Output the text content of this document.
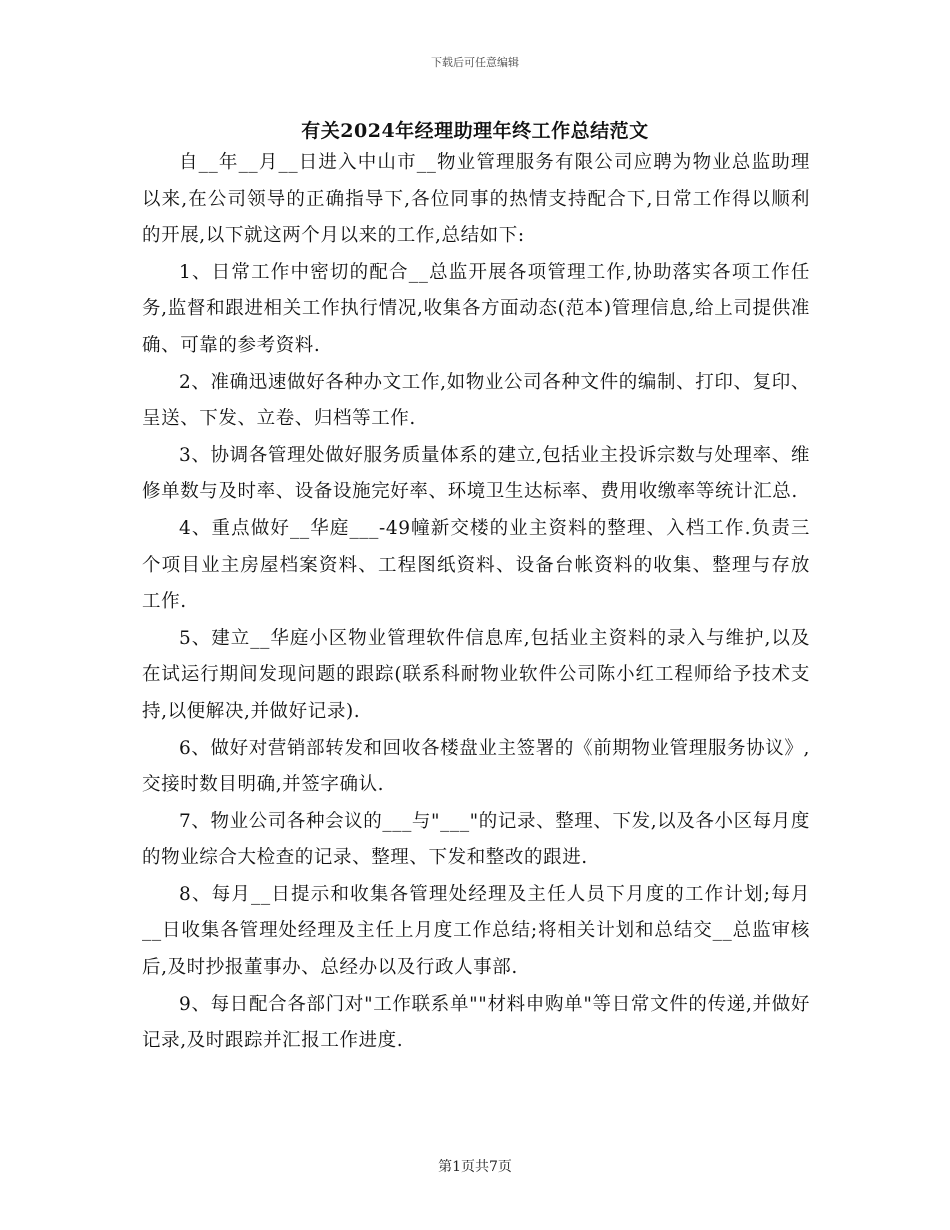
下载后可任意编辑
有关2024年经理助理年终工作总结范文

自__年__月__日进入中山市__物业管理服务有限公司应聘为物业总监助理以来,在公司领导的正确指导下,各位同事的热情支持配合下,日常工作得以顺利的开展,以下就这两个月以来的工作,总结如下:

1、日常工作中密切的配合__总监开展各项管理工作,协助落实各项工作任务,监督和跟进相关工作执行情况,收集各方面动态(范本)管理信息,给上司提供准确、可靠的参考资料.

2、准确迅速做好各种办文工作,如物业公司各种文件的编制、打印、复印、呈送、下发、立卷、归档等工作.

3、协调各管理处做好服务质量体系的建立,包括业主投诉宗数与处理率、维修单数与及时率、设备设施完好率、环境卫生达标率、费用收缴率等统计汇总.

4、重点做好__华庭___-49幢新交楼的业主资料的整理、入档工作.负责三个项目业主房屋档案资料、工程图纸资料、设备台帐资料的收集、整理与存放工作.

5、建立__华庭小区物业管理软件信息库,包括业主资料的录入与维护,以及在试运行期间发现问题的跟踪(联系科耐物业软件公司陈小红工程师给予技术支持,以便解决,并做好记录).

6、做好对营销部转发和回收各楼盘业主签署的《前期物业管理服务协议》,交接时数目明确,并签字确认.

7、物业公司各种会议的___与"___"的记录、整理、下发,以及各小区每月度的物业综合大检查的记录、整理、下发和整改的跟进.

8、每月__日提示和收集各管理处经理及主任人员下月度的工作计划;每月__日收集各管理处经理及主任上月度工作总结;将相关计划和总结交__总监审核后,及时抄报董事办、总经办以及行政人事部.

9、每日配合各部门对"工作联系单""材料申购单"等日常文件的传递,并做好记录,及时跟踪并汇报工作进度.

第1页共7页
